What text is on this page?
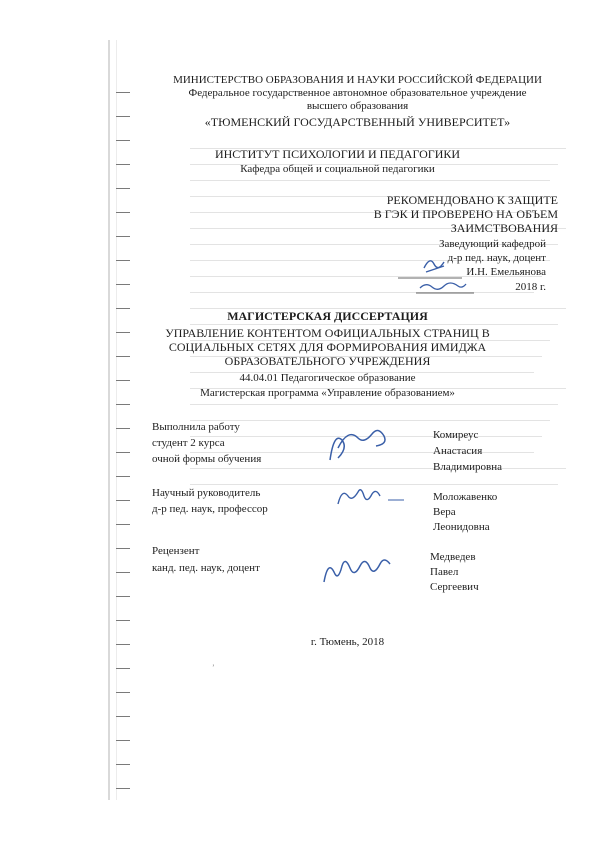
МИНИСТЕРСТВО ОБРАЗОВАНИЯ И НАУКИ РОССИЙСКОЙ ФЕДЕРАЦИИ
Федеральное государственное автономное образовательное учреждение
высшего образования
«ТЮМЕНСКИЙ ГОСУДАРСТВЕННЫЙ УНИВЕРСИТЕТ»
ИНСТИТУТ ПСИХОЛОГИИ И ПЕДАГОГИКИ
Кафедра общей и социальной педагогики
РЕКОМЕНДОВАНО К ЗАЩИТЕ
В ГЭК И ПРОВЕРЕНО НА ОБЪЕМ
ЗАИМСТВОВАНИЯ
Заведующий кафедрой
д-р пед. наук, доцент
И.Н. Емельянова
2018 г.
МАГИСТЕРСКАЯ ДИССЕРТАЦИЯ
УПРАВЛЕНИЕ КОНТЕНТОМ ОФИЦИАЛЬНЫХ СТРАНИЦ В
СОЦИАЛЬНЫХ СЕТЯХ ДЛЯ ФОРМИРОВАНИЯ ИМИДЖА
ОБРАЗОВАТЕЛЬНОГО УЧРЕЖДЕНИЯ
44.04.01 Педагогическое образование
Магистерская программа «Управление образованием»
Выполнила работу
студент 2 курса
очной формы обучения
Комиреус
Анастасия
Владимировна
Научный руководитель
д-р пед. наук, профессор
Моложавенко
Вера
Леонидовна
Рецензент
канд. пед. наук, доцент
Медведев
Павел
Сергеевич
г. Тюмень, 2018
’
